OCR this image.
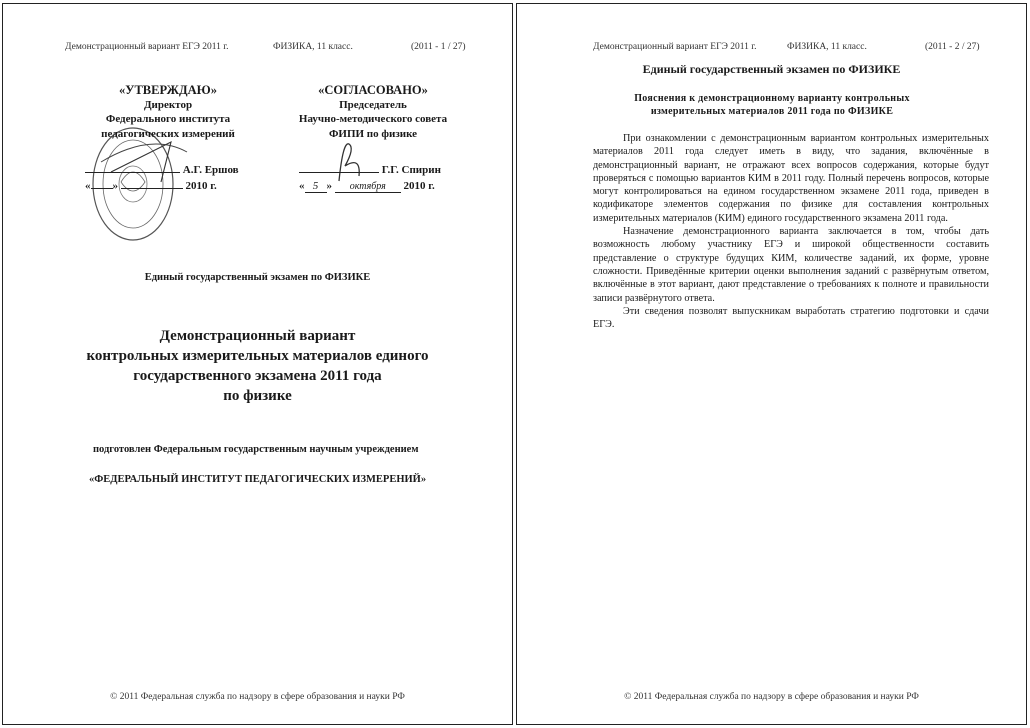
Демонстрационный вариант ЕГЭ 2011 г.	ФИЗИКА, 11 класс.	(2011 - 1 / 27)
«УТВЕРЖДАЮ»
Директор
Федерального института
педагогических измерений
А.Г. Ершов
« »	2010 г.
«СОГЛАСОВАНО»
Председатель
Научно-методического совета
ФИПИ по физике
Г.Г. Спирин
« 5 » октября 2010 г.
Единый государственный экзамен по ФИЗИКЕ
Демонстрационный вариант
контрольных измерительных материалов единого
государственного экзамена 2011 года
по физике
подготовлен Федеральным государственным научным учреждением
«ФЕДЕРАЛЬНЫЙ ИНСТИТУТ ПЕДАГОГИЧЕСКИХ ИЗМЕРЕНИЙ»
© 2011 Федеральная служба по надзору в сфере образования и науки РФ
Демонстрационный вариант ЕГЭ 2011 г.	ФИЗИКА, 11 класс.	(2011 - 2 / 27)
Единый государственный экзамен по ФИЗИКЕ
Пояснения к демонстрационному варианту контрольных измерительных материалов 2011 года по ФИЗИКЕ

При ознакомлении с демонстрационным вариантом контрольных измерительных материалов 2011 года следует иметь в виду, что задания, включённые в демонстрационный вариант, не отражают всех вопросов содержания, которые будут проверяться с помощью вариантов КИМ в 2011 году. Полный перечень вопросов, которые могут контролироваться на едином государственном экзамене 2011 года, приведен в кодификаторе элементов содержания по физике для составления контрольных измерительных материалов (КИМ) единого государственного экзамена 2011 года.

Назначение демонстрационного варианта заключается в том, чтобы дать возможность любому участнику ЕГЭ и широкой общественности составить представление о структуре будущих КИМ, количестве заданий, их форме, уровне сложности. Приведённые критерии оценки выполнения заданий с развёрнутым ответом, включённые в этот вариант, дают представление о требованиях к полноте и правильности записи развёрнутого ответа.

Эти сведения позволят выпускникам выработать стратегию подготовки и сдачи ЕГЭ.

© 2011 Федеральная служба по надзору в сфере образования и науки РФ
